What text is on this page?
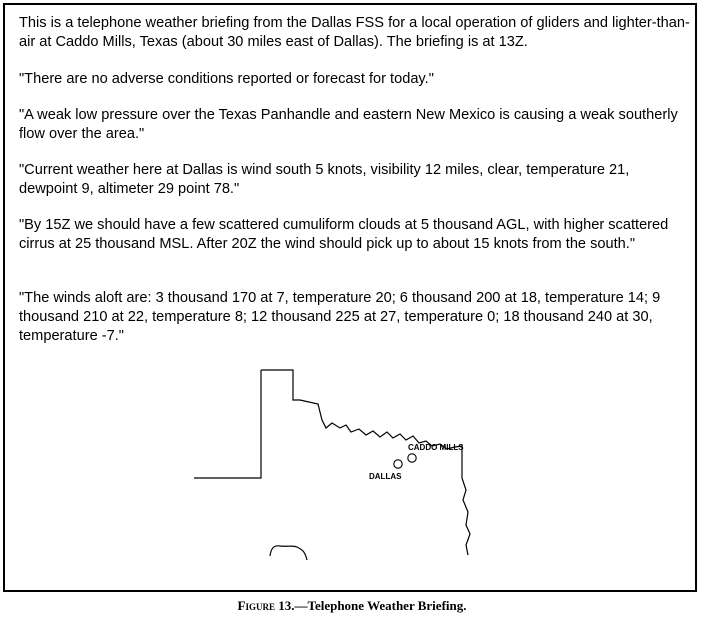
This is a telephone weather briefing from the Dallas FSS for a local operation of gliders and lighter-than-air at Caddo Mills, Texas (about 30 miles east of Dallas). The briefing is at 13Z.

"There are no adverse conditions reported or forecast for today."

"A weak low pressure over the Texas Panhandle and eastern New Mexico is causing a weak southerly flow over the area."

"Current weather here at Dallas is wind south 5 knots, visibility 12 miles, clear, temperature 21, dewpoint 9, altimeter 29 point 78."

"By 15Z we should have a few scattered cumuliform clouds at 5 thousand AGL, with higher scattered cirrus at 25 thousand MSL. After 20Z the wind should pick up to about 15 knots from the south."

"The winds aloft are: 3 thousand 170 at 7, temperature 20; 6 thousand 200 at 18, temperature 14; 9 thousand 210 at 22, temperature 8; 12 thousand 225 at 27, temperature 0; 18 thousand 240 at 30, temperature -7."

CADDO MILLS
DALLAS
Figure 13.—Telephone Weather Briefing.
